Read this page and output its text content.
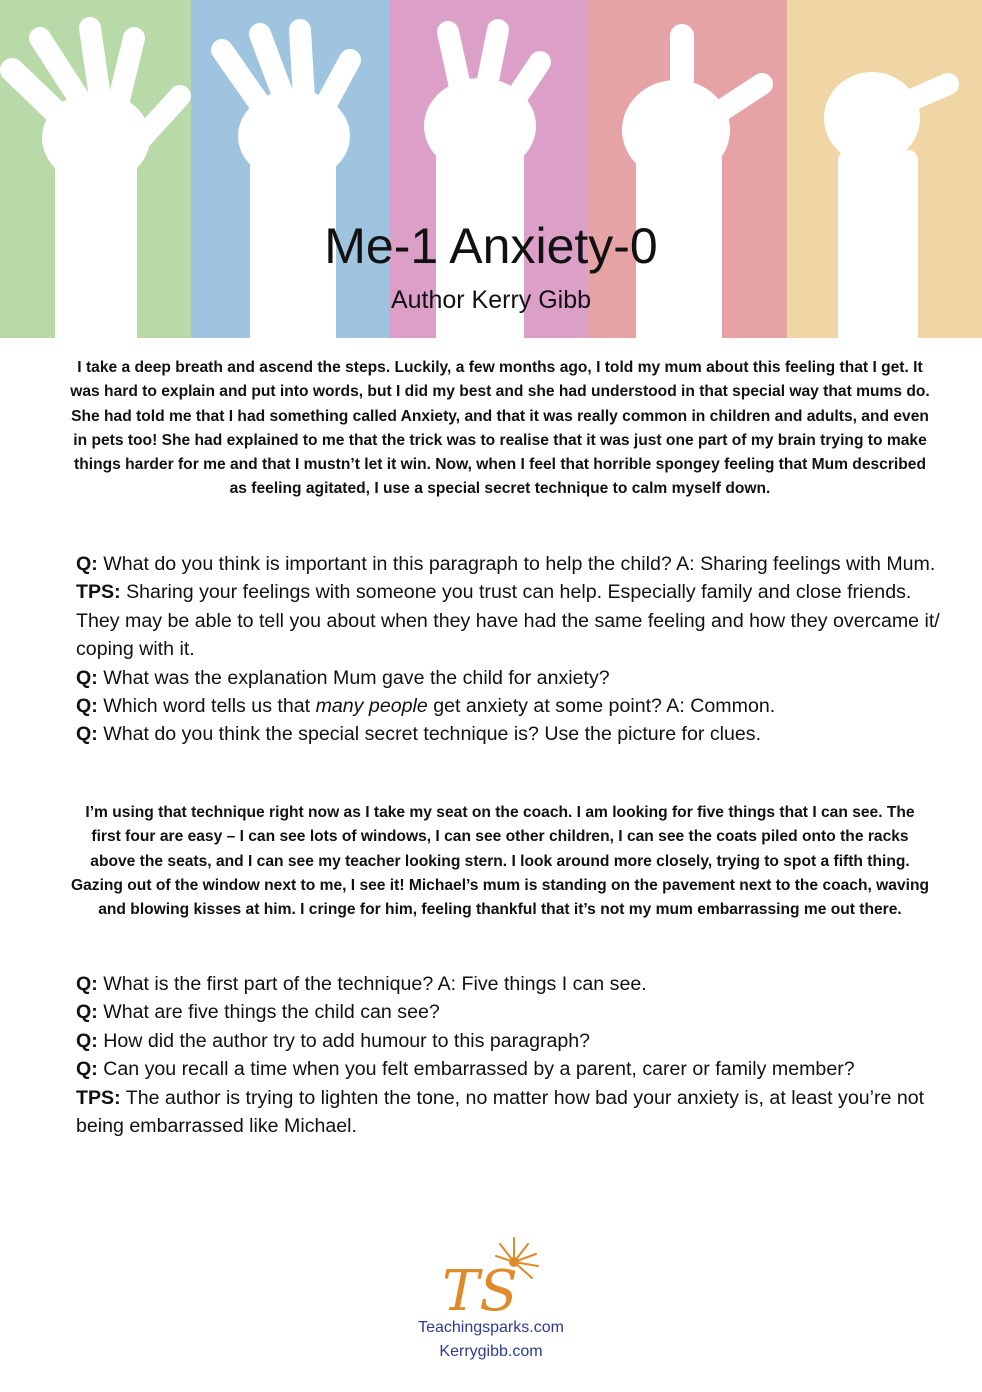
Me-1 Anxiety-0
Author Kerry Gibb

I take a deep breath and ascend the steps. Luckily, a few months ago, I told my mum about this feeling that I get. It was hard to explain and put into words, but I did my best and she had understood in that special way that mums do. She had told me that I had something called Anxiety, and that it was really common in children and adults, and even in pets too! She had explained to me that the trick was to realise that it was just one part of my brain trying to make things harder for me and that I mustn’t let it win. Now, when I feel that horrible spongey feeling that Mum described as feeling agitated, I use a special secret technique to calm myself down.

Q: What do you think is important in this paragraph to help the child? A: Sharing feelings with Mum.

TPS: Sharing your feelings with someone you trust can help. Especially family and close friends. They may be able to tell you about when they have had the same feeling and how they overcame it/ coping with it.

Q: What was the explanation Mum gave the child for anxiety?

Q: Which word tells us that many people get anxiety at some point? A: Common.

Q: What do you think the special secret technique is? Use the picture for clues.

I’m using that technique right now as I take my seat on the coach. I am looking for five things that I can see. The first four are easy – I can see lots of windows, I can see other children, I can see the coats piled onto the racks above the seats, and I can see my teacher looking stern. I look around more closely, trying to spot a fifth thing. Gazing out of the window next to me, I see it! Michael’s mum is standing on the pavement next to the coach, waving and blowing kisses at him. I cringe for him, feeling thankful that it’s not my mum embarrassing me out there.

Q: What is the first part of the technique? A: Five things I can see.

Q: What are five things the child can see?

Q: How did the author try to add humour to this paragraph?

Q: Can you recall a time when you felt embarrassed by a parent, carer or family member?

TPS: The author is trying to lighten the tone, no matter how bad your anxiety is, at least you’re not being embarrassed like Michael.

TS
Teachingsparks.com
Kerrygibb.com
